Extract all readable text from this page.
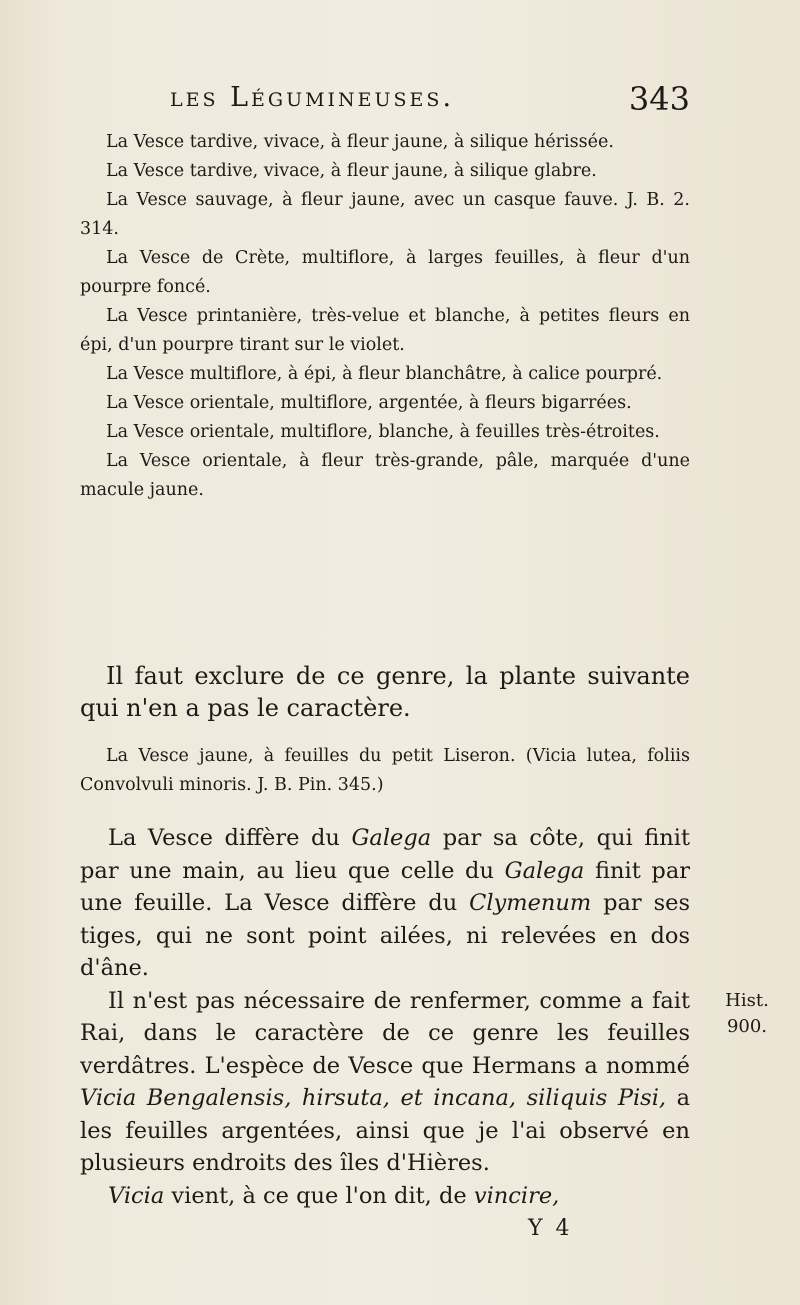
les Légumineuses.	343

La Vesce tardive, vivace, à fleur jaune, à silique hérissée.

La Vesce tardive, vivace, à fleur jaune, à silique glabre.

La Vesce sauvage, à fleur jaune, avec un casque fauve. J. B. 2. 314.

La Vesce de Crète, multiflore, à larges feuilles, à fleur d'un pourpre foncé.

La Vesce printanière, très-velue et blanche, à petites fleurs en épi, d'un pourpre tirant sur le violet.

La Vesce multiflore, à épi, à fleur blanchâtre, à calice pourpré.

La Vesce orientale, multiflore, argentée, à fleurs bigarrées.

La Vesce orientale, multiflore, blanche, à feuilles très-étroites.

La Vesce orientale, à fleur très-grande, pâle, marquée d'une macule jaune.

Il faut exclure de ce genre, la plante suivante qui n'en a pas le caractère.

La Vesce jaune, à feuilles du petit Liseron. (Vicia lutea, foliis Convolvuli minoris. J. B. Pin. 345.)

La Vesce diffère du Galega par sa côte, qui finit par une main, au lieu que celle du Galega finit par une feuille. La Vesce diffère du Clymenum par ses tiges, qui ne sont point ailées, ni relevées en dos d'âne.

Il n'est pas nécessaire de renfermer, comme a fait Rai, dans le caractère de ce genre les feuilles verdâtres. L'espèce de Vesce que Hermans a nommé Vicia Bengalensis, hirsuta, et incana, siliquis Pisi, a les feuilles argentées, ainsi que je l'ai observé en plusieurs endroits des îles d'Hières.

Vicia vient, à ce que l'on dit, de vincire,

Hist.
900.
Y 4
